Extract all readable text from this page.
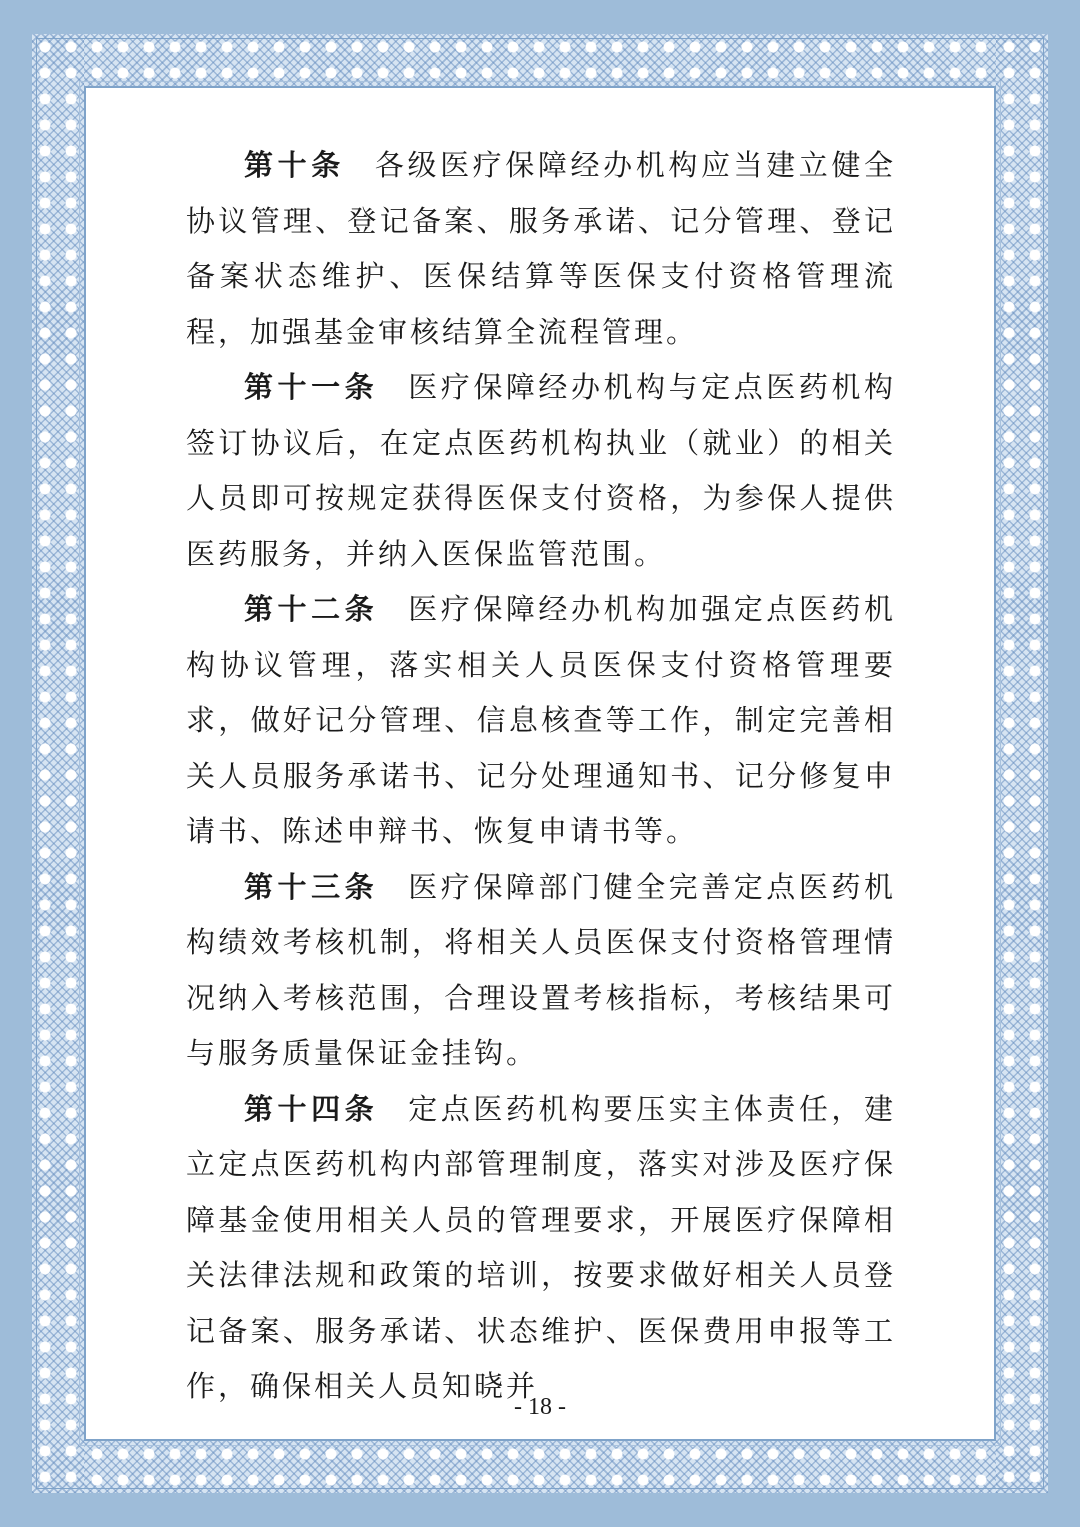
第十条 各级医疗保障经办机构应当建立健全协议管理、登记备案、服务承诺、记分管理、登记备案状态维护、医保结算等医保支付资格管理流程，加强基金审核结算全流程管理。

第十一条 医疗保障经办机构与定点医药机构签订协议后，在定点医药机构执业（就业）的相关人员即可按规定获得医保支付资格，为参保人提供医药服务，并纳入医保监管范围。

第十二条 医疗保障经办机构加强定点医药机构协议管理，落实相关人员医保支付资格管理要求，做好记分管理、信息核查等工作，制定完善相关人员服务承诺书、记分处理通知书、记分修复申请书、陈述申辩书、恢复申请书等。

第十三条 医疗保障部门健全完善定点医药机构绩效考核机制，将相关人员医保支付资格管理情况纳入考核范围，合理设置考核指标，考核结果可与服务质量保证金挂钩。

第十四条 定点医药机构要压实主体责任，建立定点医药机构内部管理制度，落实对涉及医疗保障基金使用相关人员的管理要求，开展医疗保障相关法律法规和政策的培训，按要求做好相关人员登记备案、服务承诺、状态维护、医保费用申报等工作，确保相关人员知晓并

- 18 -
